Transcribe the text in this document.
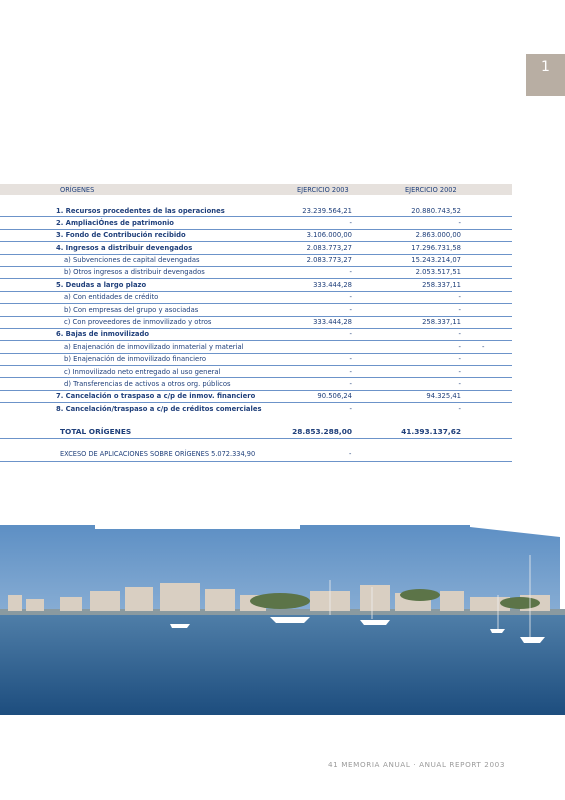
1
ORÍGENES	EJERCICIO 2003	EJERCICIO 2002
1. Recursos procedentes de las operaciones	23.239.564,21	20.880.743,52
2. AmpliaciÓnes de patrimonio	-	-
3. Fondo de Contribución recibido	3.106.000,00	2.863.000,00
4. Ingresos a distribuir devengados	2.083.773,27	17.296.731,58
a) Subvenciones de capital devengadas	2.083.773,27	15.243.214,07
b) Otros ingresos a distribuir devengados	-	2.053.517,51
5. Deudas a largo plazo	333.444,28	258.337,11
a) Con entidades de crédito	-	-
b) Con empresas del grupo y asociadas	-	-
c) Con proveedores de inmovilizado y otros	333.444,28	258.337,11
6. Bajas de inmovilizado	-	-
a) Enajenación de inmovilizado inmaterial y material	-	-
b) Enajenación de inmovilizado financiero	-	-
c) Inmovilizado neto entregado al uso general	-	-
d) Transferencias de activos a otros org. públicos	-	-
7. Cancelación o traspaso a c/p de inmov. financiero	90.506,24	94.325,41
8. Cancelación/traspaso a c/p de créditos comerciales	-	-
TOTAL ORÍGENES	28.853.288,00	41.393.137,62
EXCESO DE APLICACIONES SOBRE ORÍGENES 5.072.334,90	-
41 MEMORIA ANUAL · ANUAL REPORT 2003
